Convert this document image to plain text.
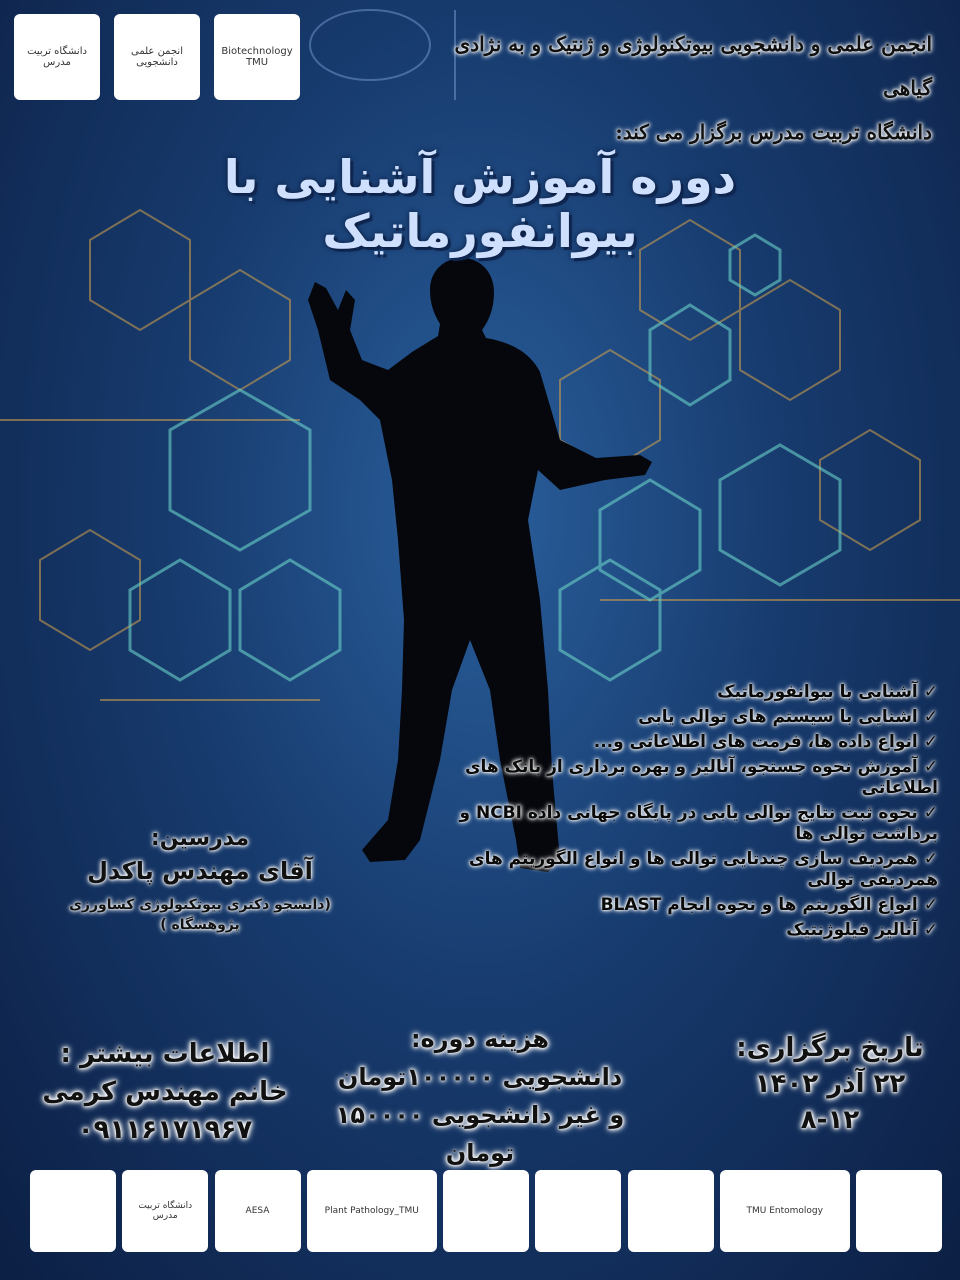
دانشگاه تربیت مدرس
انجمن علمی دانشجویی
Biotechnology TMU
انجمن علمی و دانشجویی بیوتکنولوژی و ژنتیک و به نژادی گیاهی
دانشگاه تربیت مدرس برگزار می کند:
دوره آموزش آشنایی با بیوانفورماتیک
✓آشنایی با بیوانفورماتیک
✓اشنایی با سیستم های توالی یابی
✓انواع داده ها، فرمت های اطلاعاتی و...
✓آموزش نحوه جستجو، آنالیز و بهره برداری از بانک های اطلاعاتی
✓نحوه ثبت نتایج توالی یابی در پایگاه جهانی داده NCBI و برداشت توالی ها
✓همردیف سازی چندتایی توالی ها و انواع الگوریتم های همردیفی توالی
✓انواع الگوریتم ها و نحوه انجام BLAST
✓آنالیز فیلوژنتیک
مدرسین:
آقای مهندس پاکدل
(دانشجو دکتری بیوتکنولوژی کشاورزی پژوهشگاه )
اطلاعات بیشتر :
خانم مهندس کرمی
۰۹۱۱۶۱۷۱۹۶۷
هزینه دوره:
دانشجویی ۱۰۰۰۰۰تومان
و غیر دانشجویی ۱۵۰۰۰۰ تومان
تاریخ برگزاری:
۲۲ آذر ۱۴۰۲
۸-۱۲
دانشگاه تربیت مدرس	AESA	Plant Pathology_TMU	TMU Entomology
